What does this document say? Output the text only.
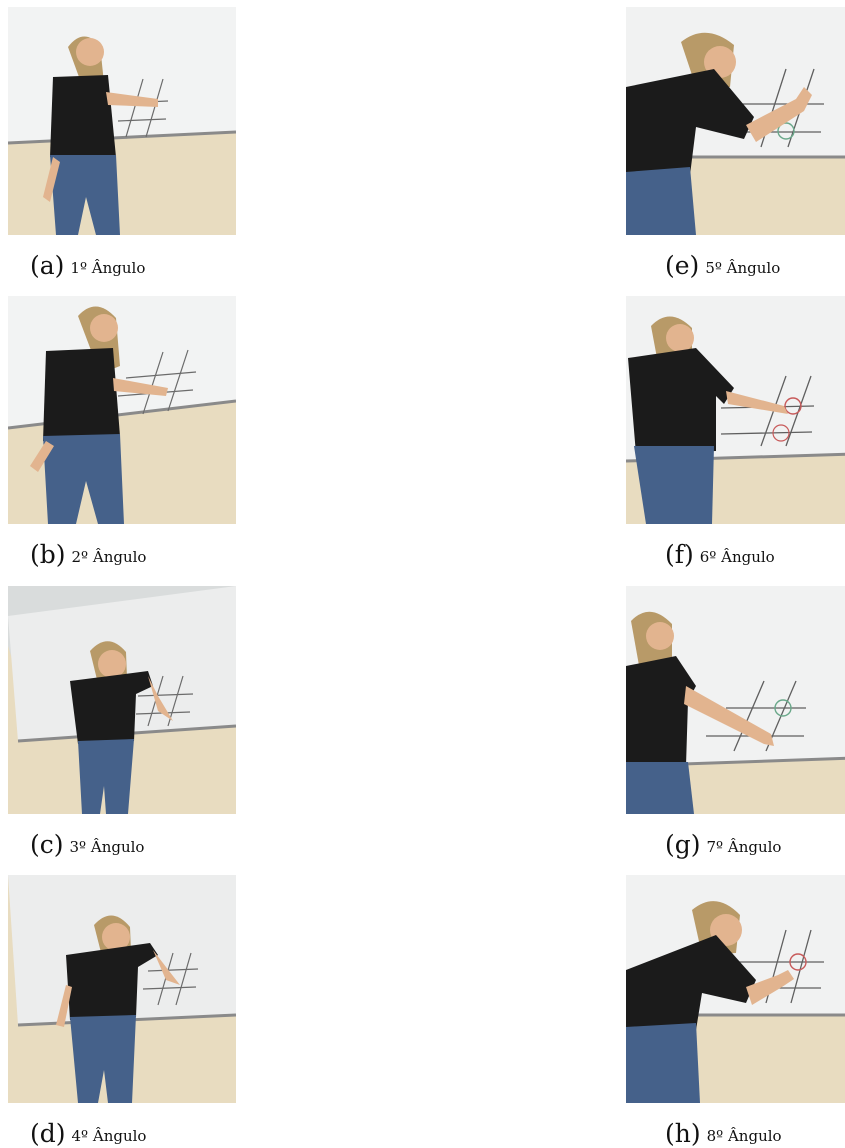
(a) 1º Ângulo
(b) 2º Ângulo
(c) 3º Ângulo
(d) 4º Ângulo
(e) 5º Ângulo
(f) 6º Ângulo
(g) 7º Ângulo
(h) 8º Ângulo
